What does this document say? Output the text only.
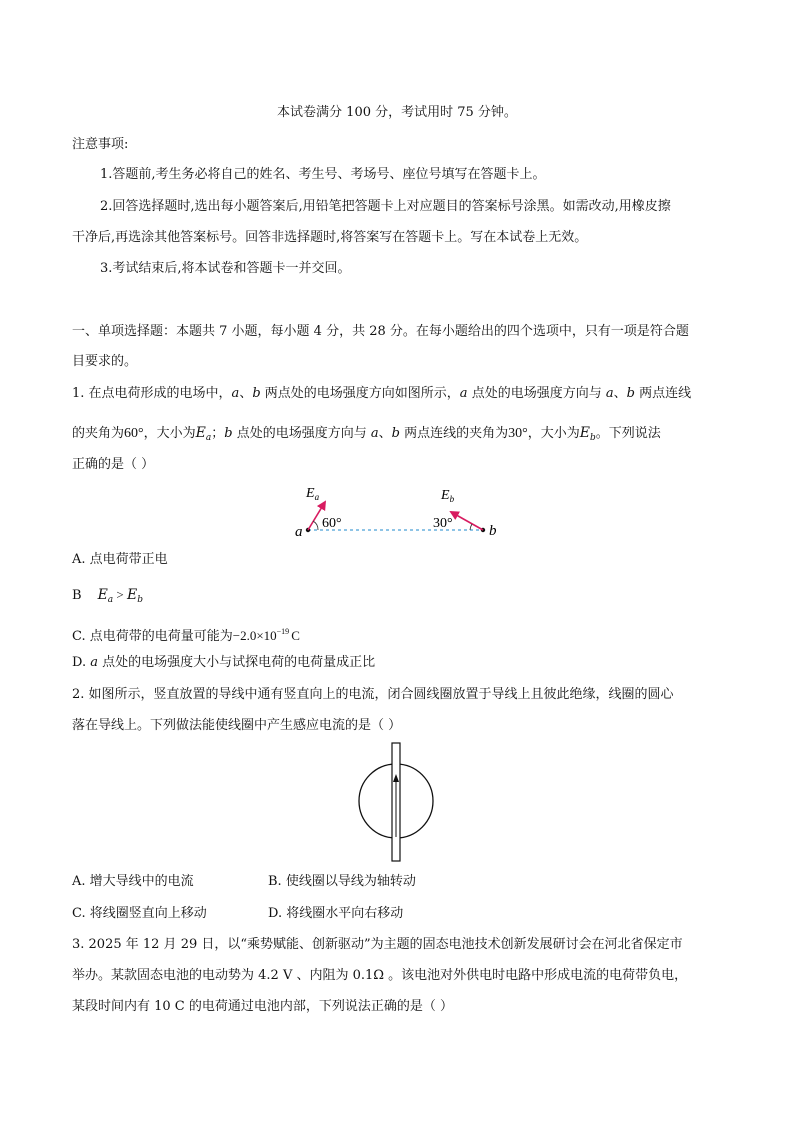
本试卷满分 100 分，考试用时 75 分钟。
注意事项:
1.答题前,考生务必将自己的姓名、考生号、考场号、座位号填写在答题卡上。
2.回答选择题时,选出每小题答案后,用铅笔把答题卡上对应题目的答案标号涂黑。如需改动,用橡皮擦
干净后,再选涂其他答案标号。回答非选择题时,将答案写在答题卡上。写在本试卷上无效。
3.考试结束后,将本试卷和答题卡一并交回。
一、单项选择题：本题共 7 小题，每小题 4 分，共 28 分。在每小题给出的四个选项中，只有一项是符合题
目要求的。
1. 在点电荷形成的电场中，a、b 两点处的电场强度方向如图所示，a 点处的电场强度方向与 a、b 两点连线
的夹角为60°，大小为$E_a$；b 点处的电场强度方向与 a、b 两点连线的夹角为30°，大小为$E_b$。下列说法
正确的是（ ）
$E_a$	$E_b$
a	b
60°	30°
A. 点电荷带正电
B $E_a > E_b$
C. 点电荷带的电荷量可能为$-2.0\times 10^{-19}$ C
D. a 点处的电场强度大小与试探电荷的电荷量成正比
2. 如图所示，竖直放置的导线中通有竖直向上的电流，闭合圆线圈放置于导线上且彼此绝缘，线圈的圆心
落在导线上。下列做法能使线圈中产生感应电流的是（ ）
A. 增大导线中的电流	B. 使线圈以导线为轴转动
C. 将线圈竖直向上移动	D. 将线圈水平向右移动
3. 2025 年 12 月 29 日，以“乘势赋能、创新驱动”为主题的固态电池技术创新发展研讨会在河北省保定市
举办。某款固态电池的电动势为 4.2 V 、内阻为 0.1Ω 。该电池对外供电时电路中形成电流的电荷带负电，
某段时间内有 10 C 的电荷通过电池内部，下列说法正确的是（ ）
